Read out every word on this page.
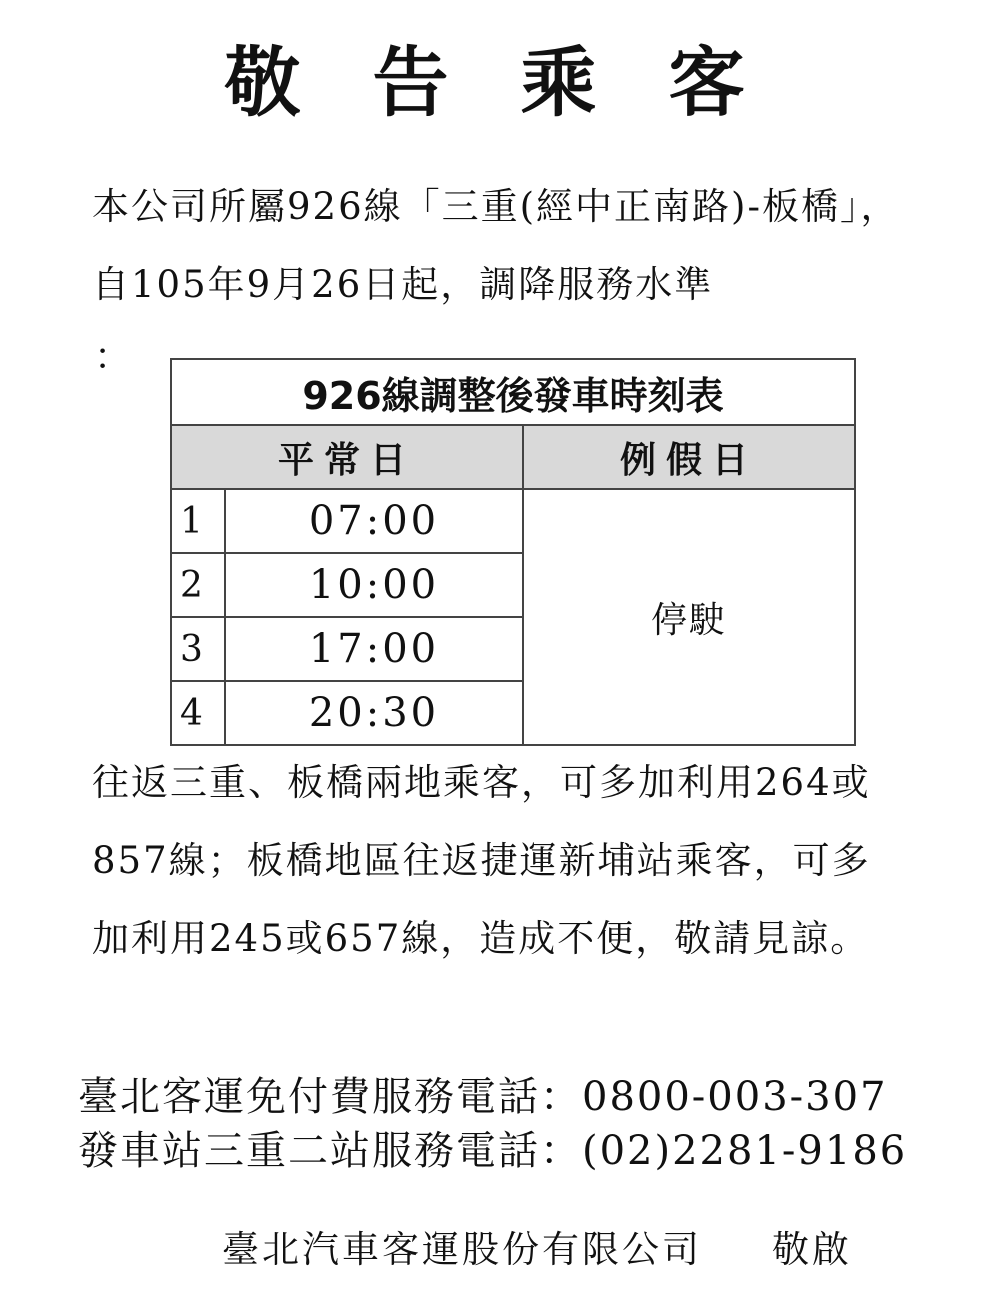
敬告乘客

本公司所屬926線「三重(經中正南路)-板橋」，自105年9月26日起，調降服務水準

：
926線調整後發車時刻表		
平常日		例假日
1	07:00	停駛
2	10:00	
3	17:00	
4	20:30	

往返三重、板橋兩地乘客，可多加利用264或857線；板橋地區往返捷運新埔站乘客，可多加利用245或657線，造成不便，敬請見諒。

臺北客運免付費服務電話：0800-003-307
發車站三重二站服務電話：(02)2281-9186
臺北汽車客運股份有限公司 敬啟
